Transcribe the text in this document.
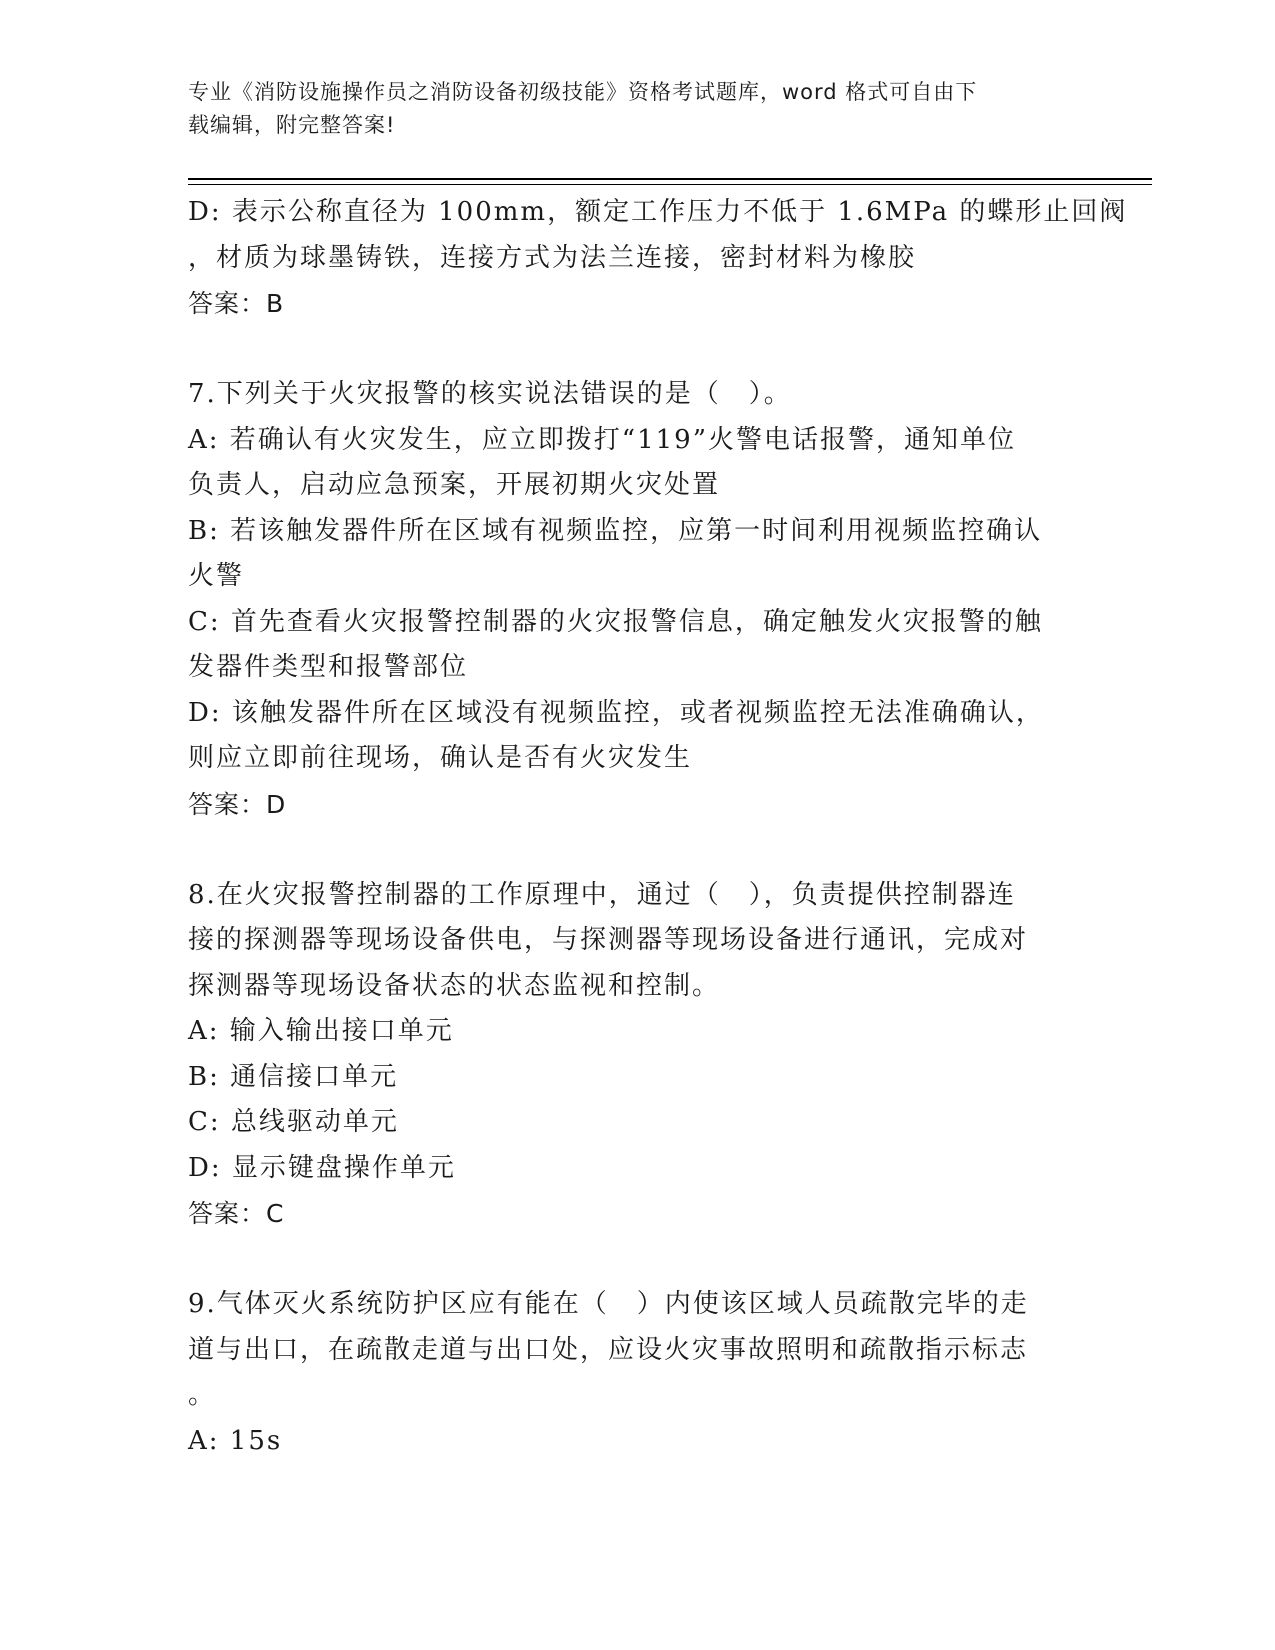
专业《消防设施操作员之消防设备初级技能》资格考试题库，word 格式可自由下
载编辑，附完整答案!
D: 表示公称直径为 100mm，额定工作压力不低于 1.6MPa 的蝶形止回阀
，材质为球墨铸铁，连接方式为法兰连接，密封材料为橡胶
答案：B
7.下列关于火灾报警的核实说法错误的是（　）。
A: 若确认有火灾发生，应立即拨打“119”火警电话报警，通知单位
负责人，启动应急预案，开展初期火灾处置
B: 若该触发器件所在区域有视频监控，应第一时间利用视频监控确认
火警
C: 首先查看火灾报警控制器的火灾报警信息，确定触发火灾报警的触
发器件类型和报警部位
D: 该触发器件所在区域没有视频监控，或者视频监控无法准确确认，
则应立即前往现场，确认是否有火灾发生
答案：D
8.在火灾报警控制器的工作原理中，通过（　），负责提供控制器连
接的探测器等现场设备供电，与探测器等现场设备进行通讯，完成对
探测器等现场设备状态的状态监视和控制。
A: 输入输出接口单元
B: 通信接口单元
C: 总线驱动单元
D: 显示键盘操作单元
答案：C
9.气体灭火系统防护区应有能在（　）内使该区域人员疏散完毕的走
道与出口，在疏散走道与出口处，应设火灾事故照明和疏散指示标志
。
A: 15s
